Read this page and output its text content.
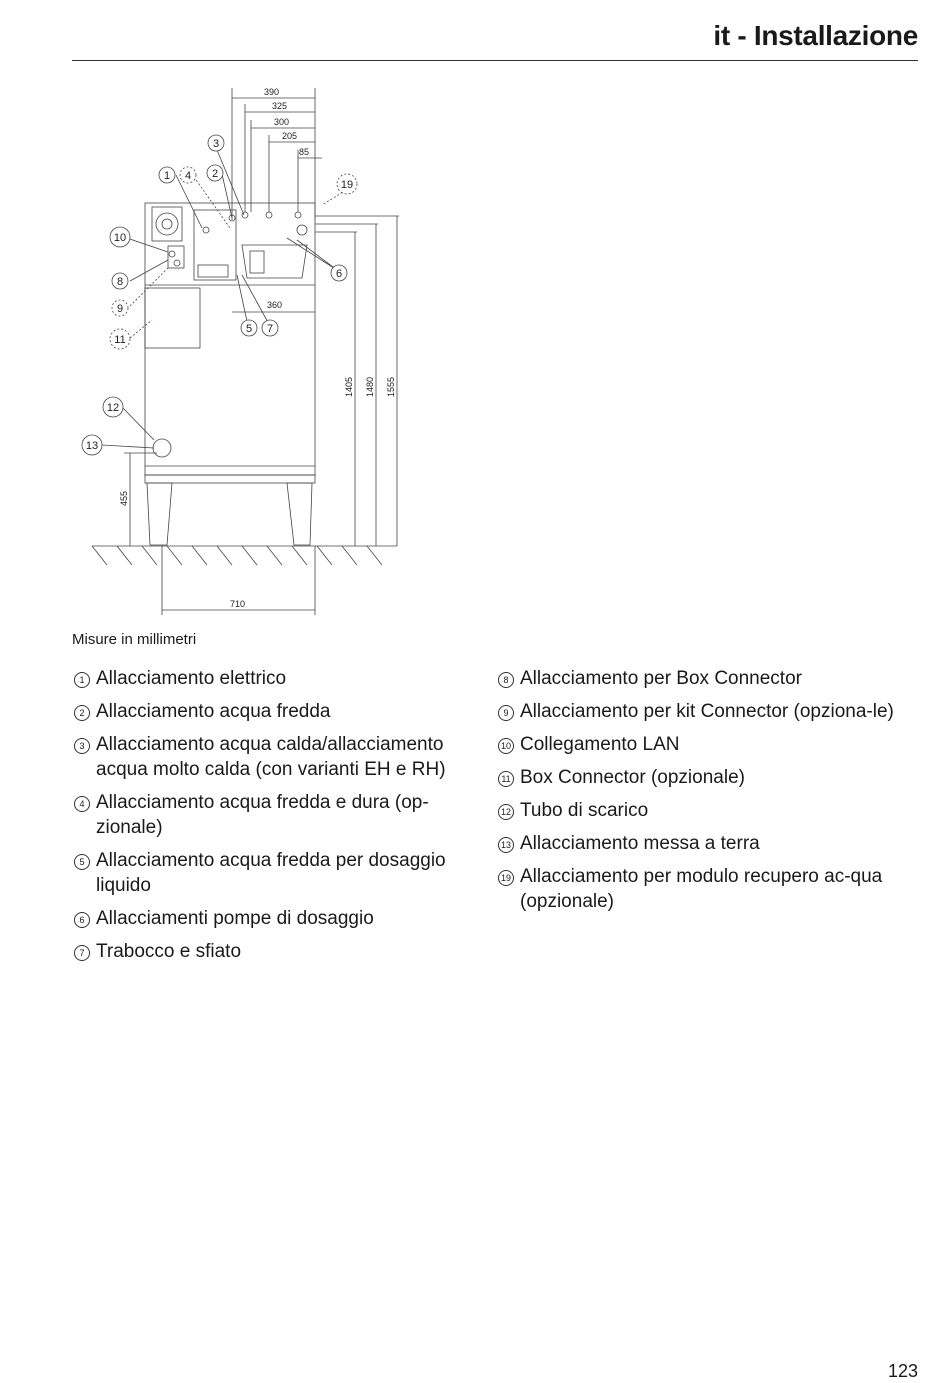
it - Installazione
390
325
300
205
85
360
1405 1480 1555
455
710
1 4 2
3
19
10
8
9
11
6
5 7
12
13
Misure in millimetri
1 Allacciamento elettrico
2 Allacciamento acqua fredda
3 Allacciamento acqua calda/allacciamento acqua molto calda (con varianti EH e RH)
4 Allacciamento acqua fredda e dura (op-zionale)
5 Allacciamento acqua fredda per dosaggio liquido
6 Allacciamenti pompe di dosaggio
7 Trabocco e sfiato
8 Allacciamento per Box Connector
9 Allacciamento per kit Connector (opziona-le)
10 Collegamento LAN
11 Box Connector (opzionale)
12 Tubo di scarico
13 Allacciamento messa a terra
19 Allacciamento per modulo recupero ac-qua (opzionale)
123
